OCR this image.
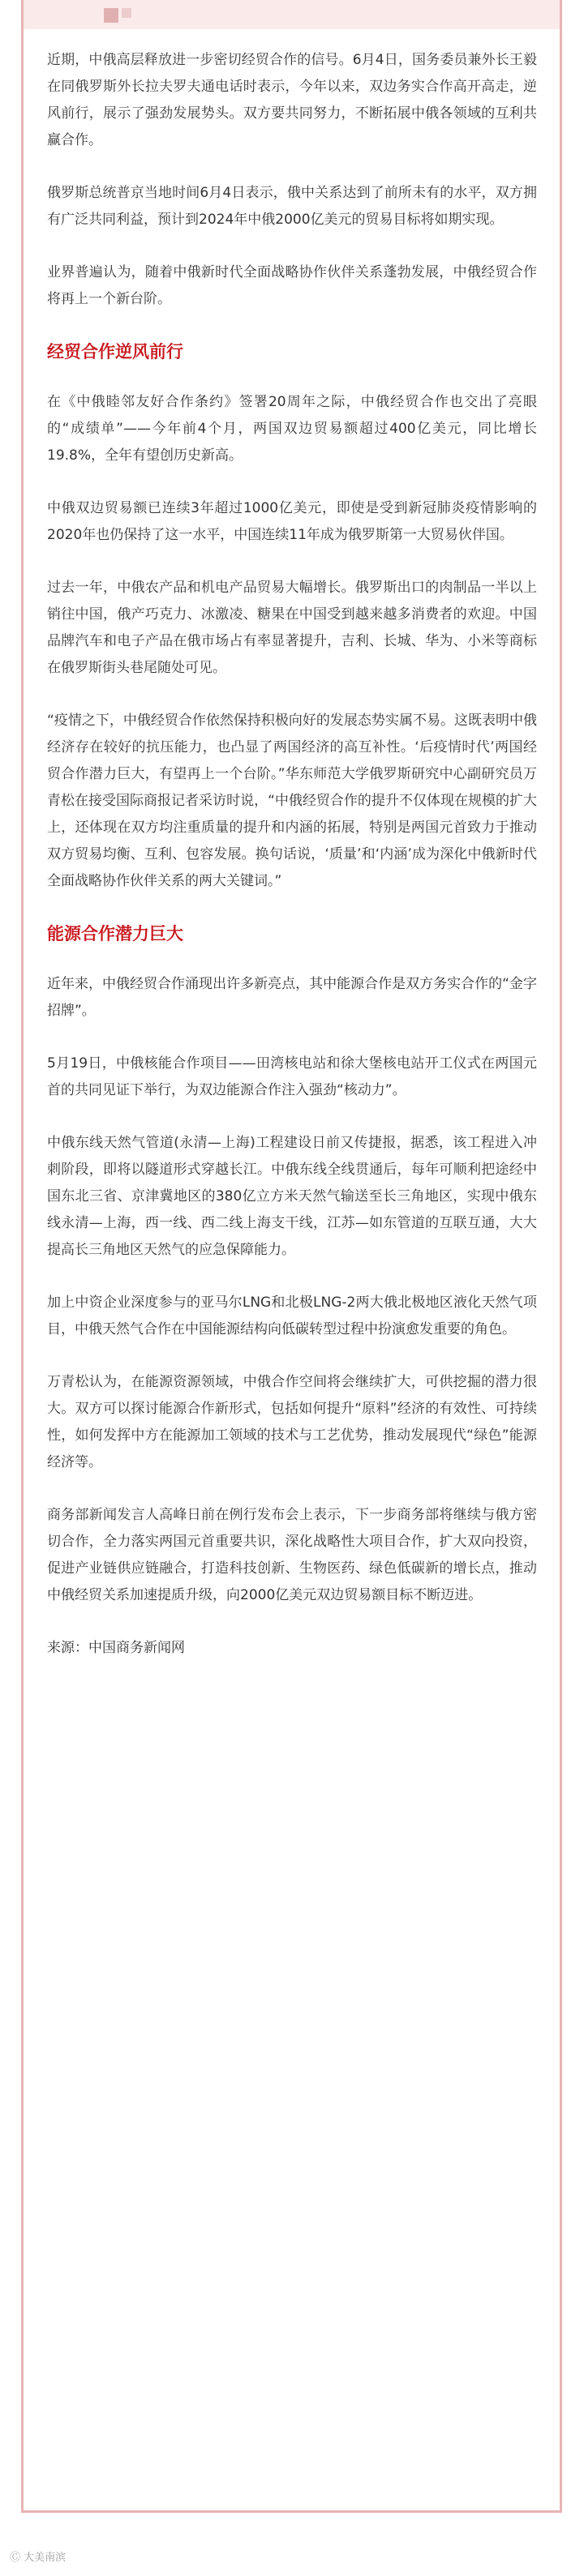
近期，中俄高层释放进一步密切经贸合作的信号。6月4日，国务委员兼外长王毅在同俄罗斯外长拉夫罗夫通电话时表示，今年以来，双边务实合作高开高走，逆风前行，展示了强劲发展势头。双方要共同努力，不断拓展中俄各领域的互利共赢合作。

俄罗斯总统普京当地时间6月4日表示，俄中关系达到了前所未有的水平，双方拥有广泛共同利益，预计到2024年中俄2000亿美元的贸易目标将如期实现。

业界普遍认为，随着中俄新时代全面战略协作伙伴关系蓬勃发展，中俄经贸合作将再上一个新台阶。

经贸合作逆风前行

在《中俄睦邻友好合作条约》签署20周年之际，中俄经贸合作也交出了亮眼的“成绩单”——今年前4个月，两国双边贸易额超过400亿美元，同比增长19.8%，全年有望创历史新高。

中俄双边贸易额已连续3年超过1000亿美元，即使是受到新冠肺炎疫情影响的2020年也仍保持了这一水平，中国连续11年成为俄罗斯第一大贸易伙伴国。

过去一年，中俄农产品和机电产品贸易大幅增长。俄罗斯出口的肉制品一半以上销往中国，俄产巧克力、冰激凌、糖果在中国受到越来越多消费者的欢迎。中国品牌汽车和电子产品在俄市场占有率显著提升，吉利、长城、华为、小米等商标在俄罗斯街头巷尾随处可见。

“疫情之下，中俄经贸合作依然保持积极向好的发展态势实属不易。这既表明中俄经济存在较好的抗压能力，也凸显了两国经济的高互补性。‘后疫情时代’两国经贸合作潜力巨大，有望再上一个台阶。”华东师范大学俄罗斯研究中心副研究员万青松在接受国际商报记者采访时说，“中俄经贸合作的提升不仅体现在规模的扩大上，还体现在双方均注重质量的提升和内涵的拓展，特别是两国元首致力于推动双方贸易均衡、互利、包容发展。换句话说，‘质量’和‘内涵’成为深化中俄新时代全面战略协作伙伴关系的两大关键词。”

能源合作潜力巨大

近年来，中俄经贸合作涌现出许多新亮点，其中能源合作是双方务实合作的“金字招牌”。

5月19日，中俄核能合作项目——田湾核电站和徐大堡核电站开工仪式在两国元首的共同见证下举行，为双边能源合作注入强劲“核动力”。

中俄东线天然气管道(永清—上海)工程建设日前又传捷报，据悉，该工程进入冲刺阶段，即将以隧道形式穿越长江。中俄东线全线贯通后，每年可顺利把途经中国东北三省、京津冀地区的380亿立方米天然气输送至长三角地区，实现中俄东线永清—上海，西一线、西二线上海支干线，江苏—如东管道的互联互通，大大提高长三角地区天然气的应急保障能力。

加上中资企业深度参与的亚马尔LNG和北极LNG-2两大俄北极地区液化天然气项目，中俄天然气合作在中国能源结构向低碳转型过程中扮演愈发重要的角色。

万青松认为，在能源资源领域，中俄合作空间将会继续扩大，可供挖掘的潜力很大。双方可以探讨能源合作新形式，包括如何提升“原料”经济的有效性、可持续性，如何发挥中方在能源加工领域的技术与工艺优势，推动发展现代“绿色”能源经济等。

商务部新闻发言人高峰日前在例行发布会上表示，下一步商务部将继续与俄方密切合作，全力落实两国元首重要共识，深化战略性大项目合作，扩大双向投资，促进产业链供应链融合，打造科技创新、生物医药、绿色低碳新的增长点，推动中俄经贸关系加速提质升级，向2000亿美元双边贸易额目标不断迈进。

来源：中国商务新闻网

Ⓒ 大美南滨
